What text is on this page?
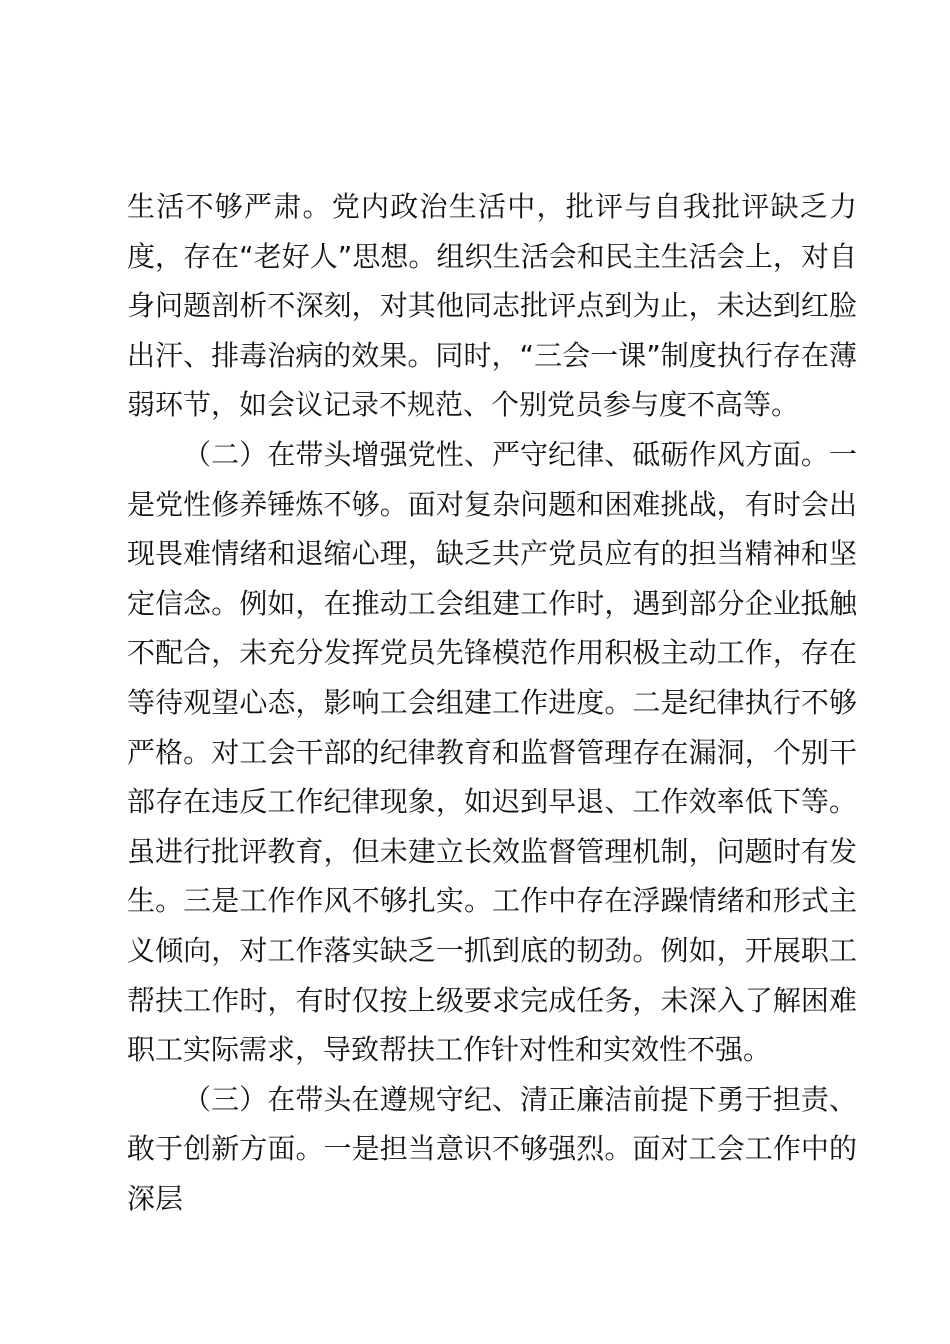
生活不够严肃。党内政治生活中，批评与自我批评缺乏力度，存在“老好人”思想。组织生活会和民主生活会上，对自身问题剖析不深刻，对其他同志批评点到为止，未达到红脸出汗、排毒治病的效果。同时，“三会一课”制度执行存在薄弱环节，如会议记录不规范、个别党员参与度不高等。

（二）在带头增强党性、严守纪律、砥砺作风方面。一是党性修养锤炼不够。面对复杂问题和困难挑战，有时会出现畏难情绪和退缩心理，缺乏共产党员应有的担当精神和坚定信念。例如，在推动工会组建工作时，遇到部分企业抵触不配合，未充分发挥党员先锋模范作用积极主动工作，存在等待观望心态，影响工会组建工作进度。二是纪律执行不够严格。对工会干部的纪律教育和监督管理存在漏洞，个别干部存在违反工作纪律现象，如迟到早退、工作效率低下等。虽进行批评教育，但未建立长效监督管理机制，问题时有发生。三是工作作风不够扎实。工作中存在浮躁情绪和形式主义倾向，对工作落实缺乏一抓到底的韧劲。例如，开展职工帮扶工作时，有时仅按上级要求完成任务，未深入了解困难职工实际需求，导致帮扶工作针对性和实效性不强。

（三）在带头在遵规守纪、清正廉洁前提下勇于担责、敢于创新方面。一是担当意识不够强烈。面对工会工作中的深层
